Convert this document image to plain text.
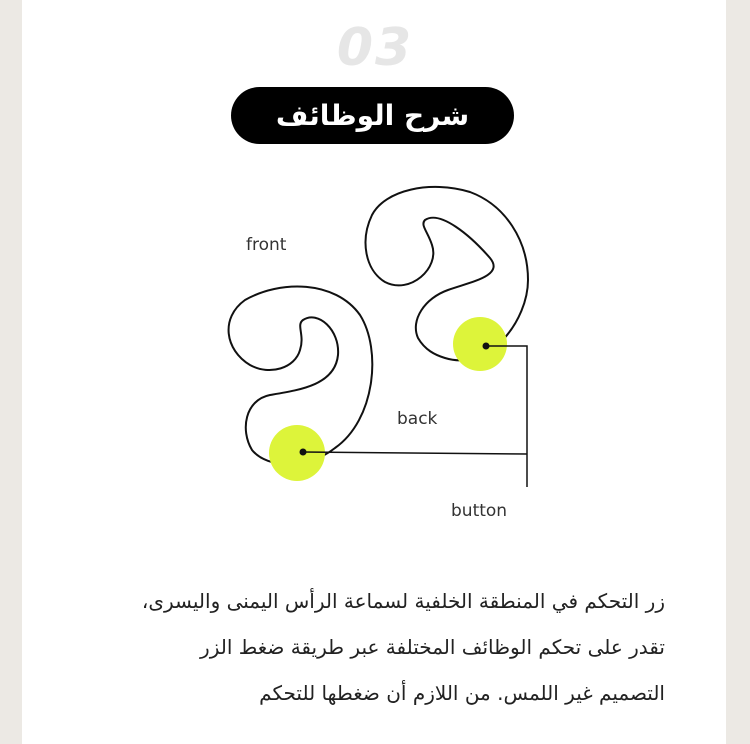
03
شرح الوظائف
front
back
button
زر التحكم في المنطقة الخلفية لسماعة الرأس اليمنى واليسرى،
تقدر على تحكم الوظائف المختلفة عبر طريقة ضغط الزر
التصميم غير اللمس. من اللازم أن ضغطها للتحكم
